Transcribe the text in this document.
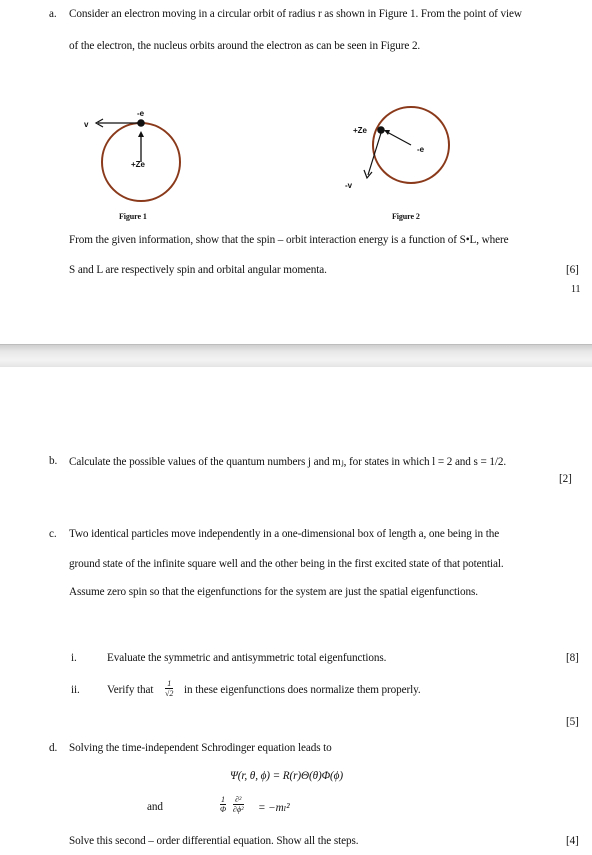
a. Consider an electron moving in a circular orbit of radius r as shown in Figure 1. From the point of view
of the electron, the nucleus orbits around the electron as can be seen in Figure 2.
v
-e
+Ze
Figure 1
+Ze
-e
-v
Figure 2
From the given information, show that the spin – orbit interaction energy is a function of S•L, where
S and L are respectively spin and orbital angular momenta.	[6]
11
b. Calculate the possible values of the quantum numbers j and mⱼ, for states in which l = 2 and s = 1/2.
[2]
c. Two identical particles move independently in a one-dimensional box of length a, one being in the
ground state of the infinite square well and the other being in the first excited state of that potential.
Assume zero spin so that the eigenfunctions for the system are just the spatial eigenfunctions.
i.	Evaluate the symmetric and antisymmetric total eigenfunctions.	[8]
ii. Verify that $\frac{1}{√2}$ in these eigenfunctions does normalize them properly.
[5]
d. Solving the time-independent Schrodinger equation leads to
Ψ(r, θ, ϕ) = R(r)Θ(θ)Φ(ϕ)
and	$\frac{1}{\Phi} \partial^2$
∂ϕ² = −mₗ²
Solve this second – order differential equation. Show all the steps.	[4]
